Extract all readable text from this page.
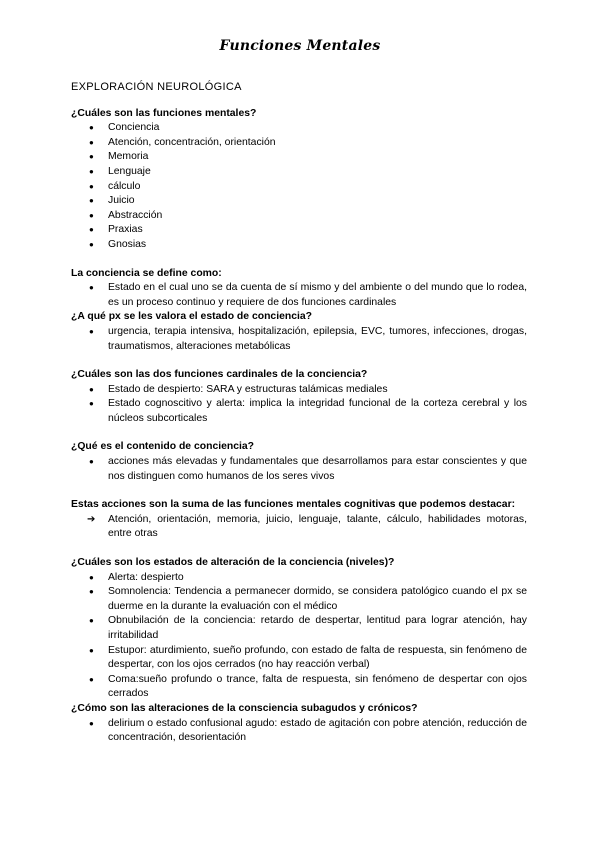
Funciones Mentales

EXPLORACIÓN NEUROLÓGICA

¿Cuáles son las funciones mentales?

● Conciencia
● Atención, concentración, orientación
● Memoria
● Lenguaje
● cálculo
● Juicio
● Abstracción
● Praxias
● Gnosias

La conciencia se define como:

● Estado en el cual uno se da cuenta de sí mismo y del ambiente o del mundo que lo rodea, es un proceso continuo y requiere de dos funciones cardinales

¿A qué px se les valora el estado de conciencia?

● urgencia, terapia intensiva, hospitalización, epilepsia, EVC, tumores, infecciones, drogas, traumatismos, alteraciones metabólicas

¿Cuáles son las dos funciones cardinales de la conciencia?

● Estado de despierto: SARA y estructuras talámicas mediales
● Estado cognoscitivo y alerta: implica la integridad funcional de la corteza cerebral y los núcleos subcorticales

¿Qué es el contenido de conciencia?

● acciones más elevadas y fundamentales que desarrollamos para estar conscientes y que nos distinguen como humanos de los seres vivos

Estas acciones son la suma de las funciones mentales cognitivas que podemos destacar:

➔ Atención, orientación, memoria, juicio, lenguaje, talante, cálculo, habilidades motoras, entre otras

¿Cuáles son los estados de alteración de la conciencia (niveles)?

● Alerta: despierto
● Somnolencia: Tendencia a permanecer dormido, se considera patológico cuando el px se duerme en la durante la evaluación con el médico
● Obnubilación de la conciencia: retardo de despertar, lentitud para lograr atención, hay irritabilidad
● Estupor: aturdimiento, sueño profundo, con estado de falta de respuesta, sin fenómeno de despertar, con los ojos cerrados (no hay reacción verbal)
● Coma:sueño profundo o trance, falta de respuesta, sin fenómeno de despertar con ojos cerrados

¿Cómo son las alteraciones de la consciencia subagudos y crónicos?

● delirium o estado confusional agudo: estado de agitación con pobre atención, reducción de concentración, desorientación
